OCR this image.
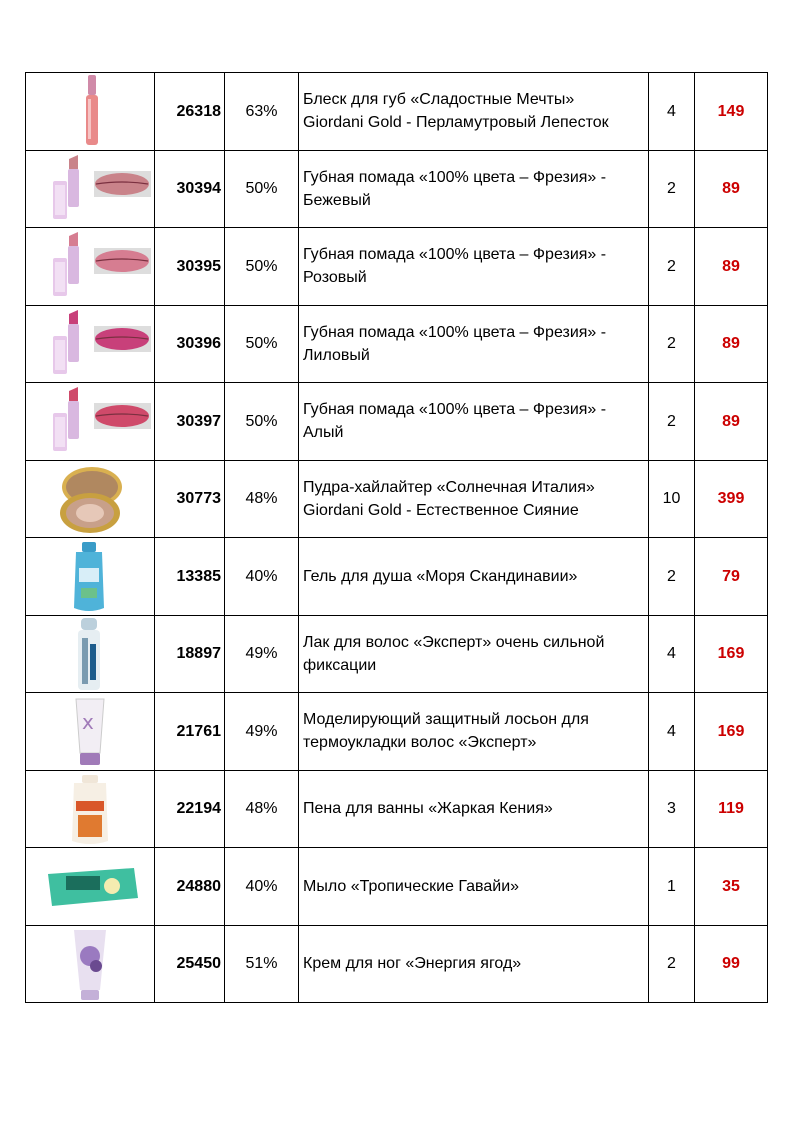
	26318	63%	Блеск для губ «Сладостные Мечты»
Giordani Gold - Перламутровый Лепесток	4	149

	30394	50%	Губная помада «100% цвета – Фрезия» -
Бежевый	2	89

	30395	50%	Губная помада «100% цвета – Фрезия» -
Розовый	2	89

	30396	50%	Губная помада «100% цвета – Фрезия» -
Лиловый	2	89

	30397	50%	Губная помада «100% цвета – Фрезия» -
Алый	2	89

	30773	48%	Пудра-хайлайтер «Солнечная Италия»
Giordani Gold - Естественное Сияние	10	399

	13385	40%	Гель для душа «Моря Скандинавии»	2	79

	18897	49%	Лак для волос «Эксперт» очень сильной
фиксации	4	169

x	21761	49%	Моделирующий защитный лосьон для
термоукладки волос «Эксперт»	4	169

	22194	48%	Пена для ванны «Жаркая Кения»	3	119

	24880	40%	Мыло «Тропические Гавайи»	1	35

	25450	51%	Крем для ног «Энергия ягод»	2	99
